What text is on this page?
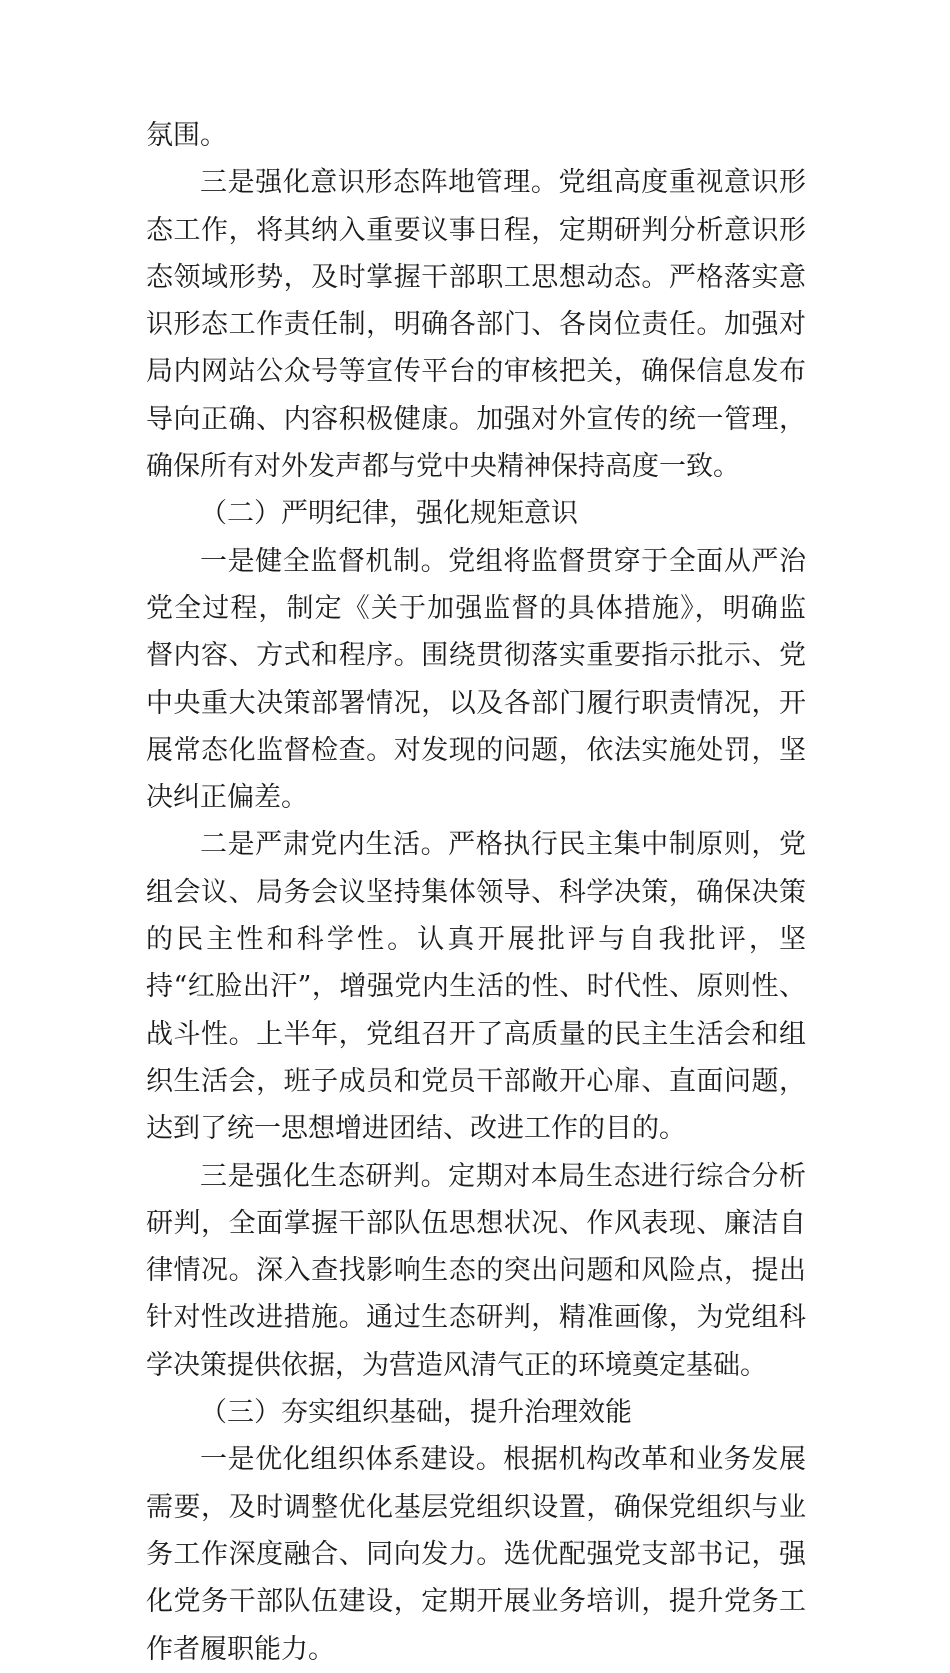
氛围。

三是强化意识形态阵地管理。党组高度重视意识形态工作，将其纳入重要议事日程，定期研判分析意识形态领域形势，及时掌握干部职工思想动态。严格落实意识形态工作责任制，明确各部门、各岗位责任。加强对局内网站公众号等宣传平台的审核把关，确保信息发布导向正确、内容积极健康。加强对外宣传的统一管理，确保所有对外发声都与党中央精神保持高度一致。

（二）严明纪律，强化规矩意识

一是健全监督机制。党组将监督贯穿于全面从严治党全过程，制定《关于加强监督的具体措施》，明确监督内容、方式和程序。围绕贯彻落实重要指示批示、党中央重大决策部署情况，以及各部门履行职责情况，开展常态化监督检查。对发现的问题，依法实施处罚，坚决纠正偏差。

二是严肃党内生活。严格执行民主集中制原则，党组会议、局务会议坚持集体领导、科学决策，确保决策的民主性和科学性。认真开展批评与自我批评，坚持“红脸出汗”，增强党内生活的性、时代性、原则性、战斗性。上半年，党组召开了高质量的民主生活会和组织生活会，班子成员和党员干部敞开心扉、直面问题，达到了统一思想增进团结、改进工作的目的。

三是强化生态研判。定期对本局生态进行综合分析研判，全面掌握干部队伍思想状况、作风表现、廉洁自律情况。深入查找影响生态的突出问题和风险点，提出针对性改进措施。通过生态研判，精准画像，为党组科学决策提供依据，为营造风清气正的环境奠定基础。

（三）夯实组织基础，提升治理效能

一是优化组织体系建设。根据机构改革和业务发展需要，及时调整优化基层党组织设置，确保党组织与业务工作深度融合、同向发力。选优配强党支部书记，强化党务干部队伍建设，定期开展业务培训，提升党务工作者履职能力。
